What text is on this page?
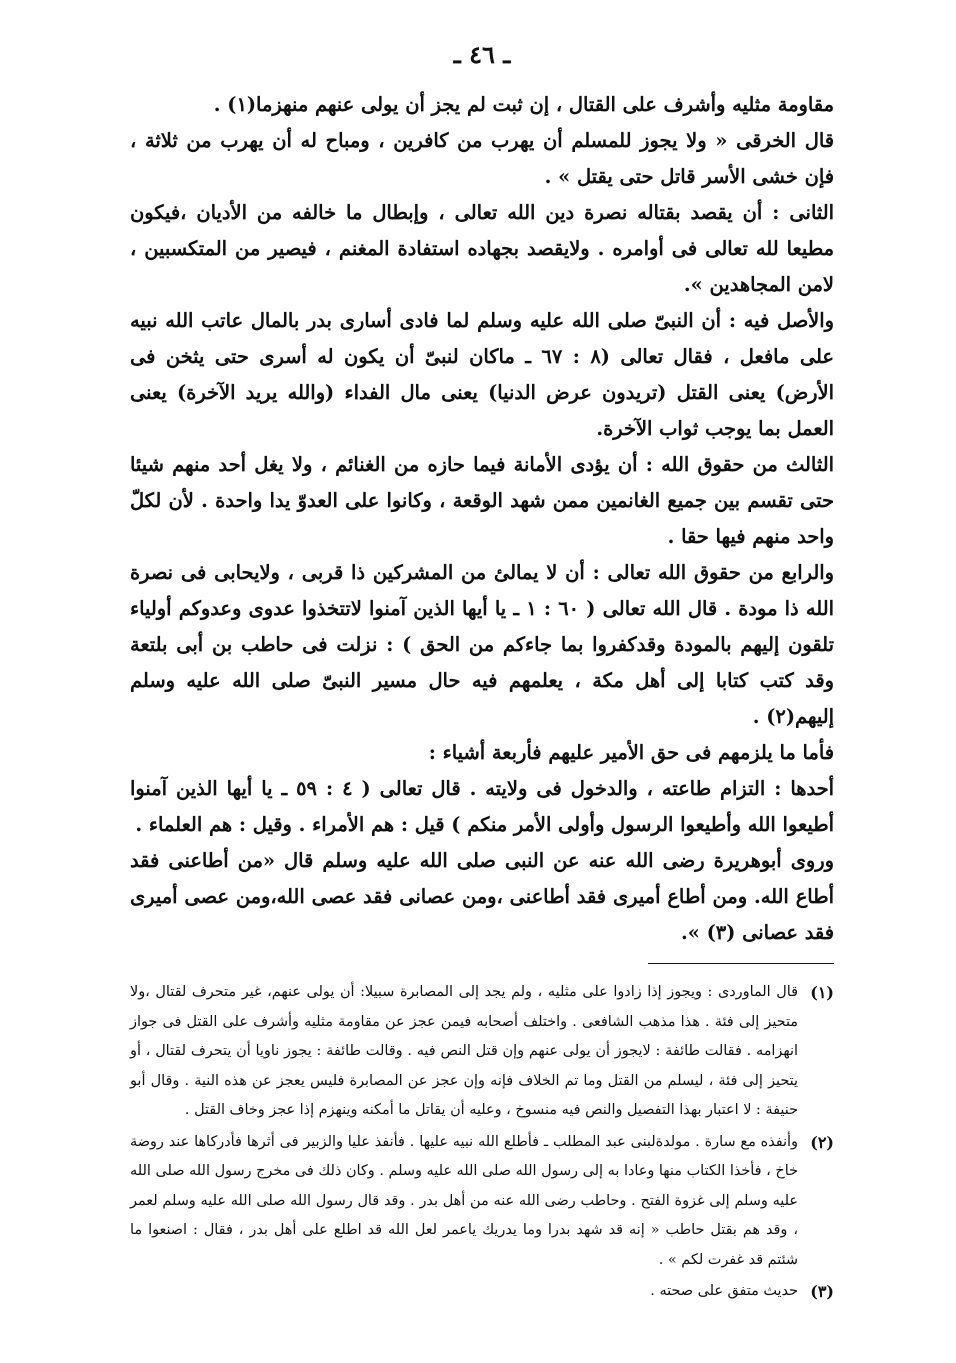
ـ ٤٦ ـ

مقاومة مثليه وأشرف على القتال ، إن ثبت لم يجز أن يولى عنهم منهزما(١) .

قال الخرقى « ولا يجوز للمسلم أن يهرب من كافرين ، ومباح له أن يهرب من ثلاثة ، فإن خشى الأسر قاتل حتى يقتل » .

الثانى : أن يقصد بقتاله نصرة دين الله تعالى ، وإبطال ما خالفه من الأديان ،فيكون مطيعا لله تعالى فى أوامره . ولايقصد بجهاده استفادة المغنم ، فيصير من المتكسبين ، لامن المجاهدين ».

والأصل فيه : أن النبىّ صلى الله عليه وسلم لما فادى أسارى بدر بالمال عاتب الله نبيه على مافعل ، فقال تعالى (٨ : ٦٧ ـ ماكان لنبىّ أن يكون له أسرى حتى يثخن فى الأرض) يعنى القتل (تريدون عرض الدنيا) يعنى مال الفداء (والله يريد الآخرة) يعنى العمل بما يوجب ثواب الآخرة.

الثالث من حقوق الله : أن يؤدى الأمانة فيما حازه من الغنائم ، ولا يغل أحد منهم شيئا حتى تقسم بين جميع الغانمين ممن شهد الوقعة ، وكانوا على العدوّ يدا واحدة . لأن لكلّ واحد منهم فيها حقا .

والرابع من حقوق الله تعالى : أن لا يمالئ من المشركين ذا قربى ، ولايحابى فى نصرة الله ذا مودة . قال الله تعالى ( ٦٠ : ١ ـ يا أيها الذين آمنوا لاتتخذوا عدوى وعدوكم أولياء تلقون إليهم بالمودة وقدكفروا بما جاءكم من الحق ) : نزلت فى حاطب بن أبى بلتعة وقد كتب كتابا إلى أهل مكة ، يعلمهم فيه حال مسير النبىّ صلى الله عليه وسلم إليهم(٢) .

فأما ما يلزمهم فى حق الأمير عليهم فأربعة أشياء :

أحدها : التزام طاعته ، والدخول فى ولايته . قال تعالى ( ٤ : ٥٩ ـ يا أيها الذين آمنوا أطيعوا الله وأطيعوا الرسول وأولى الأمر منكم ) قيل : هم الأمراء . وقيل : هم العلماء .

وروى أبوهريرة رضى الله عنه عن النبى صلى الله عليه وسلم قال «من أطاعنى فقد أطاع الله. ومن أطاع أميرى فقد أطاعنى ،ومن عصانى فقد عصى الله،ومن عصى أميرى فقد عصانى (٣) ».

(١)
قال الماوردى : ويجوز إذا زادوا على مثليه ، ولم يجد إلى المصابرة سبيلا: أن يولى عنهم، غير متحرف لقتال ،ولا متحيز إلى فئة . هذا مذهب الشافعى . واختلف أصحابه فيمن عجز عن مقاومة مثليه وأشرف على القتل فى جواز انهزامه . فقالت طائفة : لايجوز أن يولى عنهم وإن قتل النص فيه . وقالت طائفة : يجوز ناويا أن يتحرف لقتال ، أو يتحيز إلى فئة ، ليسلم من القتل وما تم الخلاف فإنه وإن عجز عن المصابرة فليس يعجز عن هذه النية . وقال أبو حنيفة : لا اعتبار بهذا التفصيل والنص فيه منسوخ ، وعليه أن يقاتل ما أمكنه وينهزم إذا عجز وخاف القتل .
(٢)
وأنفذه مع سارة . مولدةلبنى عبد المطلب ـ فأطلع الله نبيه عليها . فأنفذ عليا والزبير فى أثرها فأدركاها عند روضة خاخ ، فأخذا الكتاب منها وعادا به إلى رسول الله صلى الله عليه وسلم . وكان ذلك فى مخرج رسول الله صلى الله عليه وسلم إلى غزوة الفتح . وحاطب رضى الله عنه من أهل بدر . وقد قال رسول الله صلى الله عليه وسلم لعمر ، وقد هم بقتل حاطب « إنه قد شهد بدرا وما يدريك ياعمر لعل الله قد اطلع على أهل بدر ، فقال : اصنعوا ما شئتم قد غفرت لكم » .
(٣)
حديث متفق على صحته .
